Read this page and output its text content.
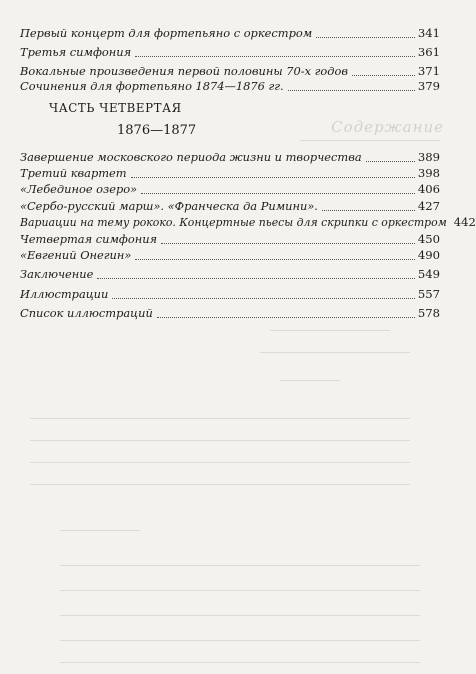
Содержание
Первый концерт для фортепьяно с оркестром	341
Третья симфония	361
Вокальные произведения первой половины 70-х годов	371
Сочинения для фортепьяно 1874—1876 гг.	379
ЧАСТЬ ЧЕТВЕРТАЯ
1876—1877
Завершение московского периода жизни и творчества	389
Третий квартет	398
«Лебединое озеро»	406
«Сербо-русский марш». «Франческа да Римини».	427
Вариации на тему рококо. Концертные пьесы для скрипки с оркестром 442
Четвертая симфония	450
«Евгений Онегин»	490
Заключение	549
Иллюстрации	557
Список иллюстраций	578
